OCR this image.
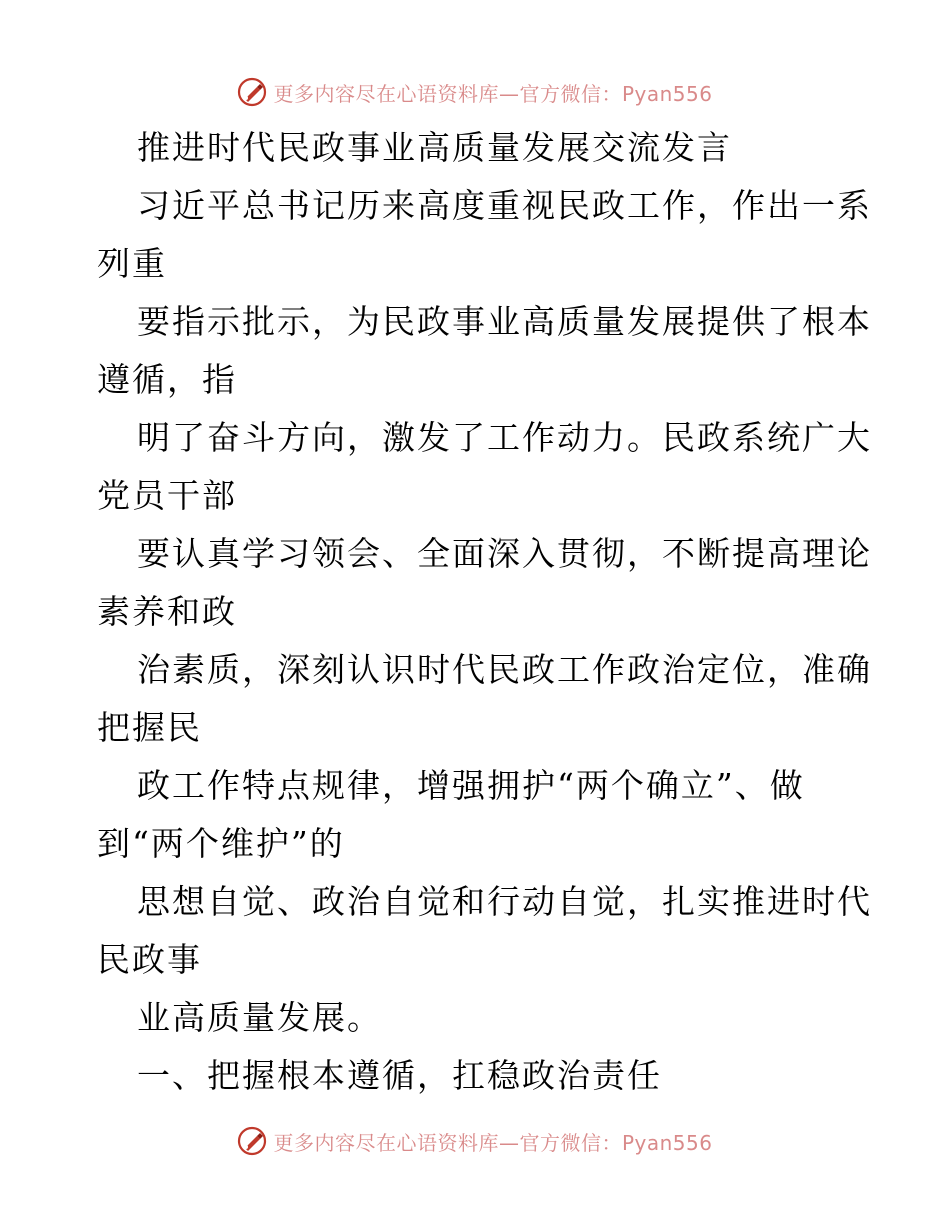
更多内容尽在心语资料库—官方微信：Pyan556
推进时代民政事业高质量发展交流发言
习近平总书记历来高度重视民政工作，作出一系
列重
要指示批示，为民政事业高质量发展提供了根本
遵循，指
明了奋斗方向，激发了工作动力。民政系统广大
党员干部
要认真学习领会、全面深入贯彻，不断提高理论
素养和政
治素质，深刻认识时代民政工作政治定位，准确
把握民
政工作特点规律，增强拥护“两个确立”、做
到“两个维护”的
思想自觉、政治自觉和行动自觉，扎实推进时代
民政事
业高质量发展。
一、把握根本遵循，扛稳政治责任
更多内容尽在心语资料库—官方微信：Pyan556
